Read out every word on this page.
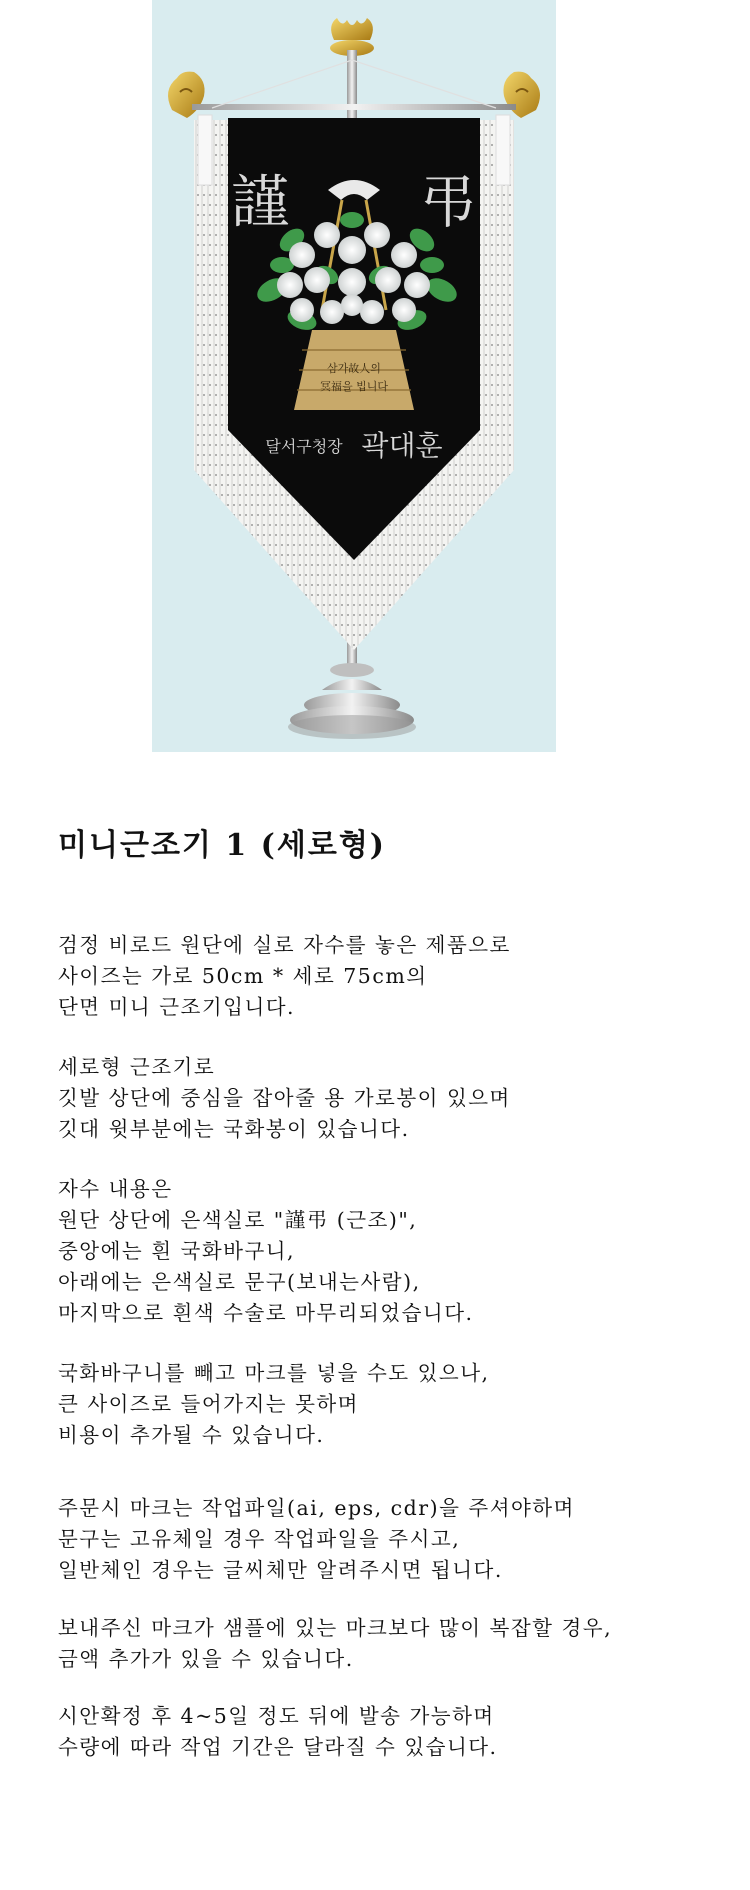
謹 弔
삼가故人의
冥福을 빕니다
달서구청장 곽대훈
미니근조기 1 (세로형)

검정 비로드 원단에 실로 자수를 놓은 제품으로
사이즈는 가로 50cm * 세로 75cm의
단면 미니 근조기입니다.

세로형 근조기로
깃발 상단에 중심을 잡아줄 용 가로봉이 있으며
깃대 윗부분에는 국화봉이 있습니다.

자수 내용은
원단 상단에 은색실로 "謹弔 (근조)",
중앙에는 흰 국화바구니,
아래에는 은색실로 문구(보내는사람),
마지막으로 흰색 수술로 마무리되었습니다.

국화바구니를 빼고 마크를 넣을 수도 있으나,
큰 사이즈로 들어가지는 못하며
비용이 추가될 수 있습니다.

주문시 마크는 작업파일(ai, eps, cdr)을 주셔야하며
문구는 고유체일 경우 작업파일을 주시고,
일반체인 경우는 글씨체만 알려주시면 됩니다.

보내주신 마크가 샘플에 있는 마크보다 많이 복잡할 경우,
금액 추가가 있을 수 있습니다.

시안확정 후 4~5일 정도 뒤에 발송 가능하며
수량에 따라 작업 기간은 달라질 수 있습니다.
